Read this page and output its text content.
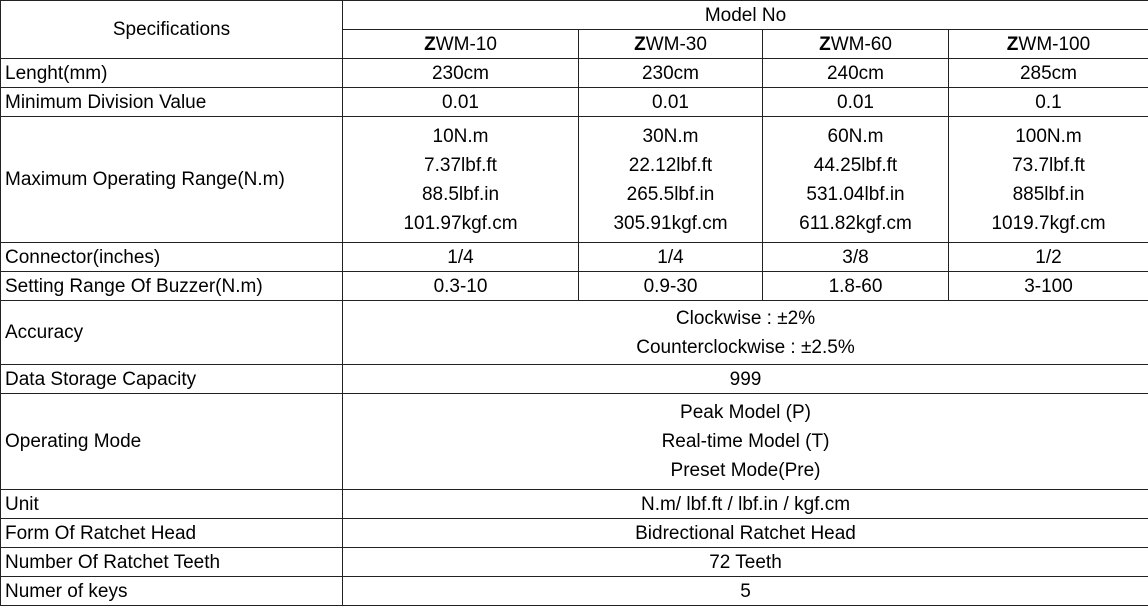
Specifications	Model No			
	ZWM-10	ZWM-30	ZWM-60	ZWM-100
Lenght(mm)	230cm	230cm	240cm	285cm
Minimum Division Value	0.01	0.01	0.01	0.1
Maximum Operating Range(N.m)	10N.m
7.37lbf.ft
88.5lbf.in
101.97kgf.cm	30N.m
22.12lbf.ft
265.5lbf.in
305.91kgf.cm	60N.m
44.25lbf.ft
531.04lbf.in
611.82kgf.cm	100N.m
73.7lbf.ft
885lbf.in
1019.7kgf.cm

Connector(inches)	1/4	1/4	3/8	1/2
Setting Range Of Buzzer(N.m)	0.3-10	0.9-30	1.8-60	3-100
Accuracy	Clockwise : ±2%
Counterclockwise : ±2.5%			

Data Storage Capacity	999			
Operating Mode	Peak Model (P)
Real-time Model (T)
Preset Mode(Pre)			

Unit	N.m/ lbf.ft / lbf.in / kgf.cm			
Form Of Ratchet Head	Bidrectional Ratchet Head			
Number Of Ratchet Teeth	72 Teeth			
Numer of keys	5			
